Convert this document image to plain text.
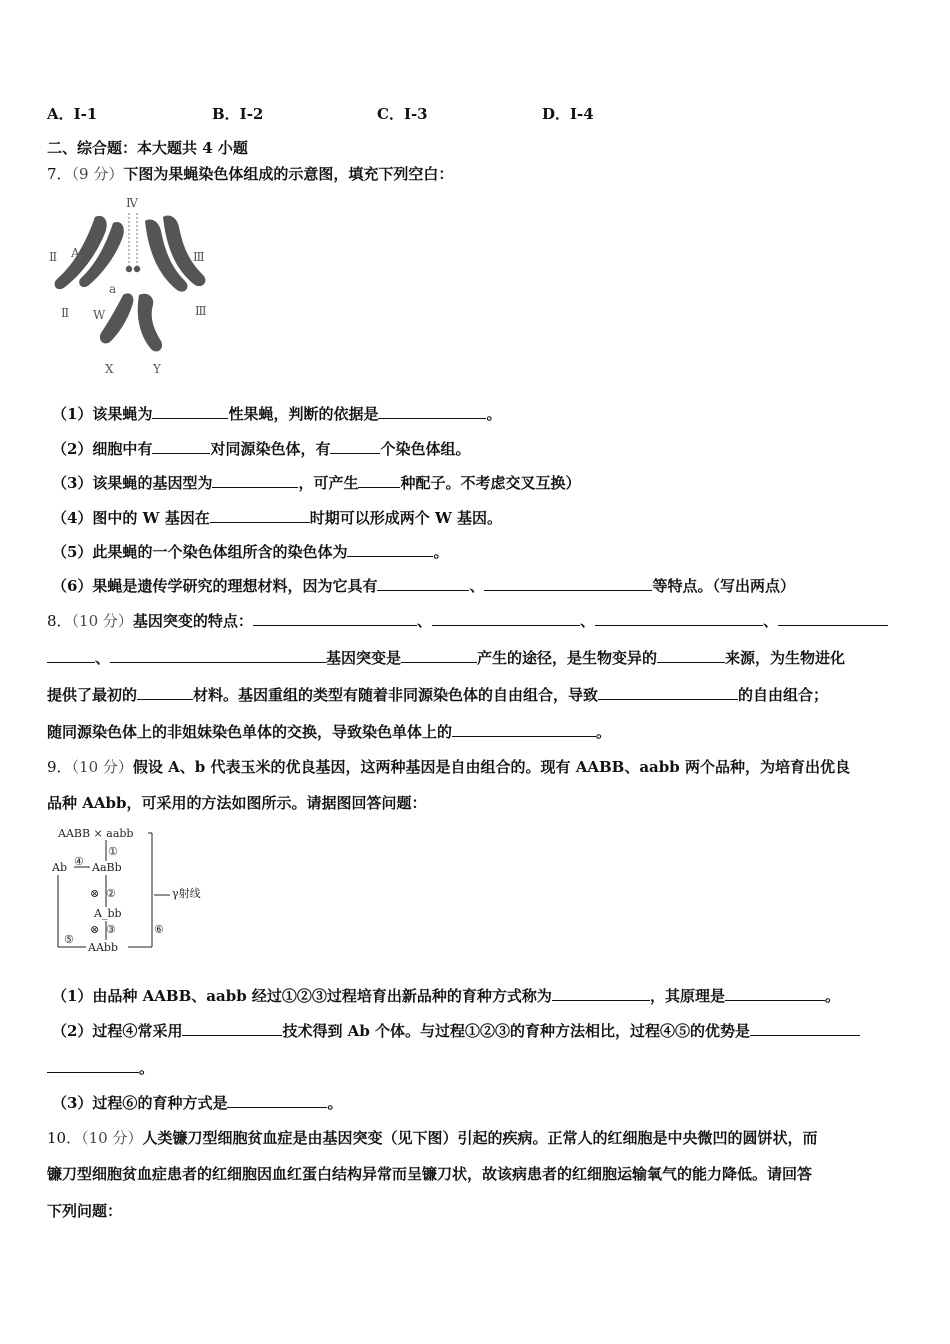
A．Ⅰ-1	B．Ⅰ-2	C．Ⅰ-3	D．Ⅰ-4
二、综合题：本大题共 4 小题
7．（9 分）下图为果蝇染色体组成的示意图，填充下列空白：
Ⅳ
Ⅱ	Ⅲ
A
a
Ⅱ	Ⅲ
W
X	Y
（1）该果蝇为	性果蝇，判断的依据是	。
（2）细胞中有	对同源染色体，有	个染色体组。
（3）该果蝇的基因型为	，可产生	种配子。不考虑交叉互换）
（4）图中的 W 基因在	时期可以形成两个 W 基因。
（5）此果蝇的一个染色体组所含的染色体为	。
（6）果蝇是遗传学研究的理想材料，因为它具有	、	等特点。（写出两点）
8．（10 分）基因突变的特点：	、	、	、
、	基因突变是	产生的途径，是生物变异的	来源，为生物进化
提供了最初的	材料。基因重组的类型有随着非同源染色体的自由组合，导致	的自由组合；
随同源染色体上的非姐妹染色单体的交换，导致染色单体上的	。
9．（10 分）假设 A、b 代表玉米的优良基因，这两种基因是自由组合的。现有 AABB、aabb 两个品种，为培育出优良
品种 AAbb，可采用的方法如图所示。请据图回答问题：
AABB × aabb
①
Ab ④ AaBb
⊗ ②	γ射线
A_bb
⊗ ③
⑤
⑥
AAbb
（1）由品种 AABB、aabb 经过①②③过程培育出新品种的育种方式称为	，其原理是	。
（2）过程④常采用	技术得到 Ab 个体。与过程①②③的育种方法相比，过程④⑤的优势是
。
（3）过程⑥的育种方式是	。
10．（10 分）人类镰刀型细胞贫血症是由基因突变（见下图）引起的疾病。正常人的红细胞是中央微凹的圆饼状，而
镰刀型细胞贫血症患者的红细胞因血红蛋白结构异常而呈镰刀状，故该病患者的红细胞运输氧气的能力降低。请回答
下列问题：
